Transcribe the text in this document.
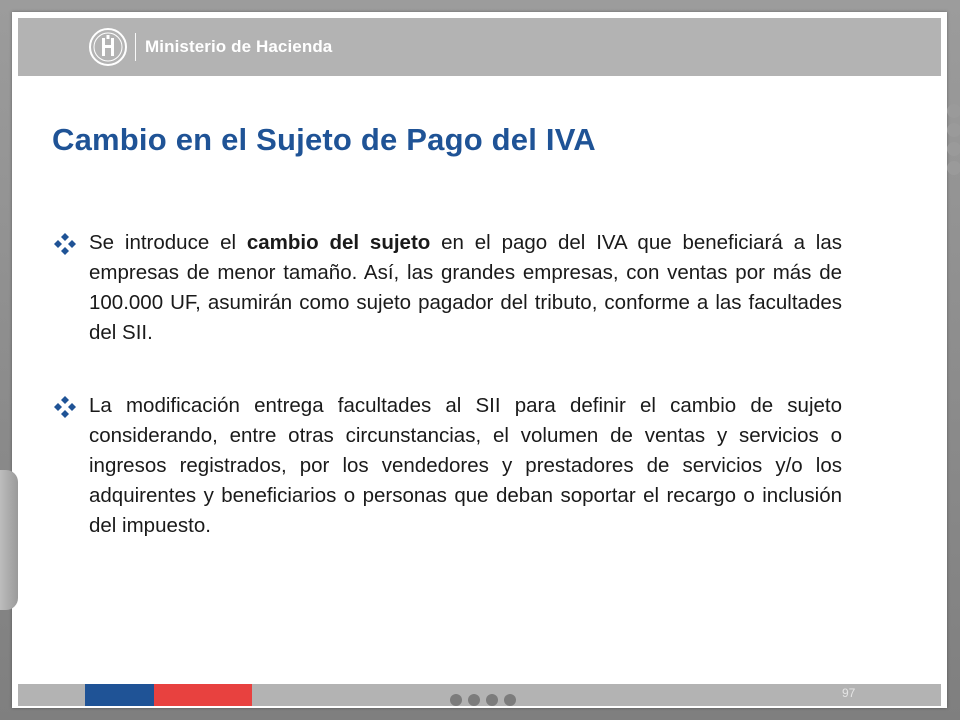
Ministerio de Hacienda
Cambio en el Sujeto de Pago del IVA
Se introduce el cambio del sujeto en el pago del IVA que beneficiará a las empresas de menor tamaño. Así, las grandes empresas, con ventas por más de 100.000 UF, asumirán como sujeto pagador del tributo, conforme a las facultades del SII.
La modificación entrega facultades al SII para definir el cambio de sujeto considerando, entre otras circunstancias, el volumen de ventas y servicios o ingresos registrados, por los vendedores y prestadores de servicios y/o los adquirentes y beneficiarios o personas que deban soportar el recargo o inclusión del impuesto.
97
